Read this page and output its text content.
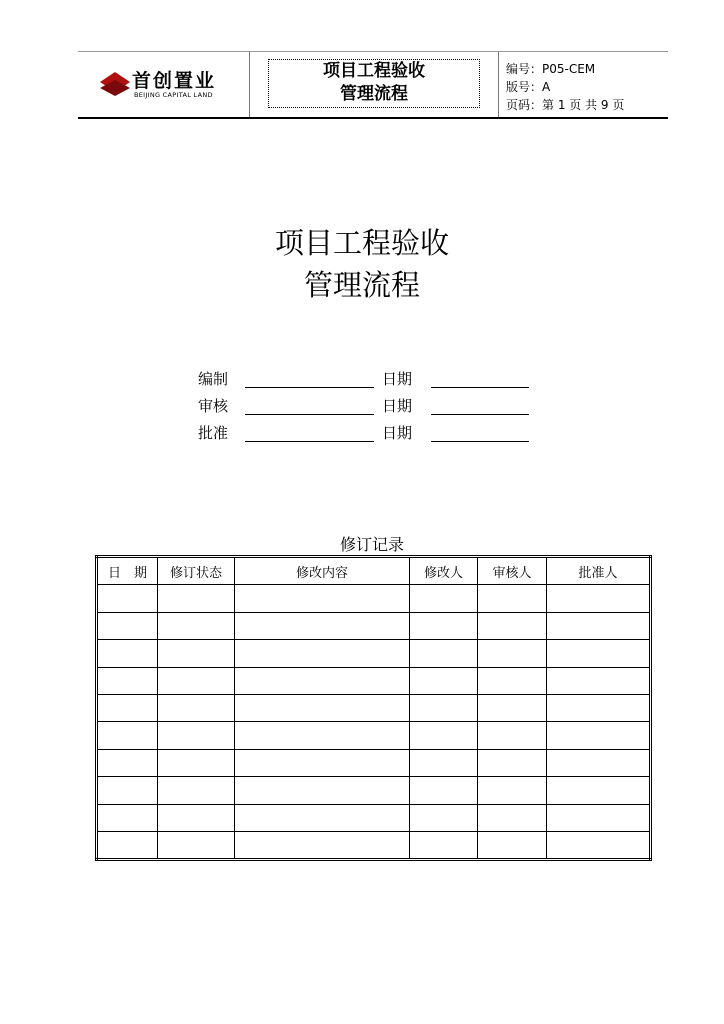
首创置业
BEIJING CAPITAL LAND
项目工程验收
管理流程
编号：P05-CEM
版号：A
页码：第 1 页 共 9 页
项目工程验收
管理流程
编制	日期
审核	日期
批准	日期
修订记录
日　期	修订状态	修改内容	修改人	审核人	批准人
